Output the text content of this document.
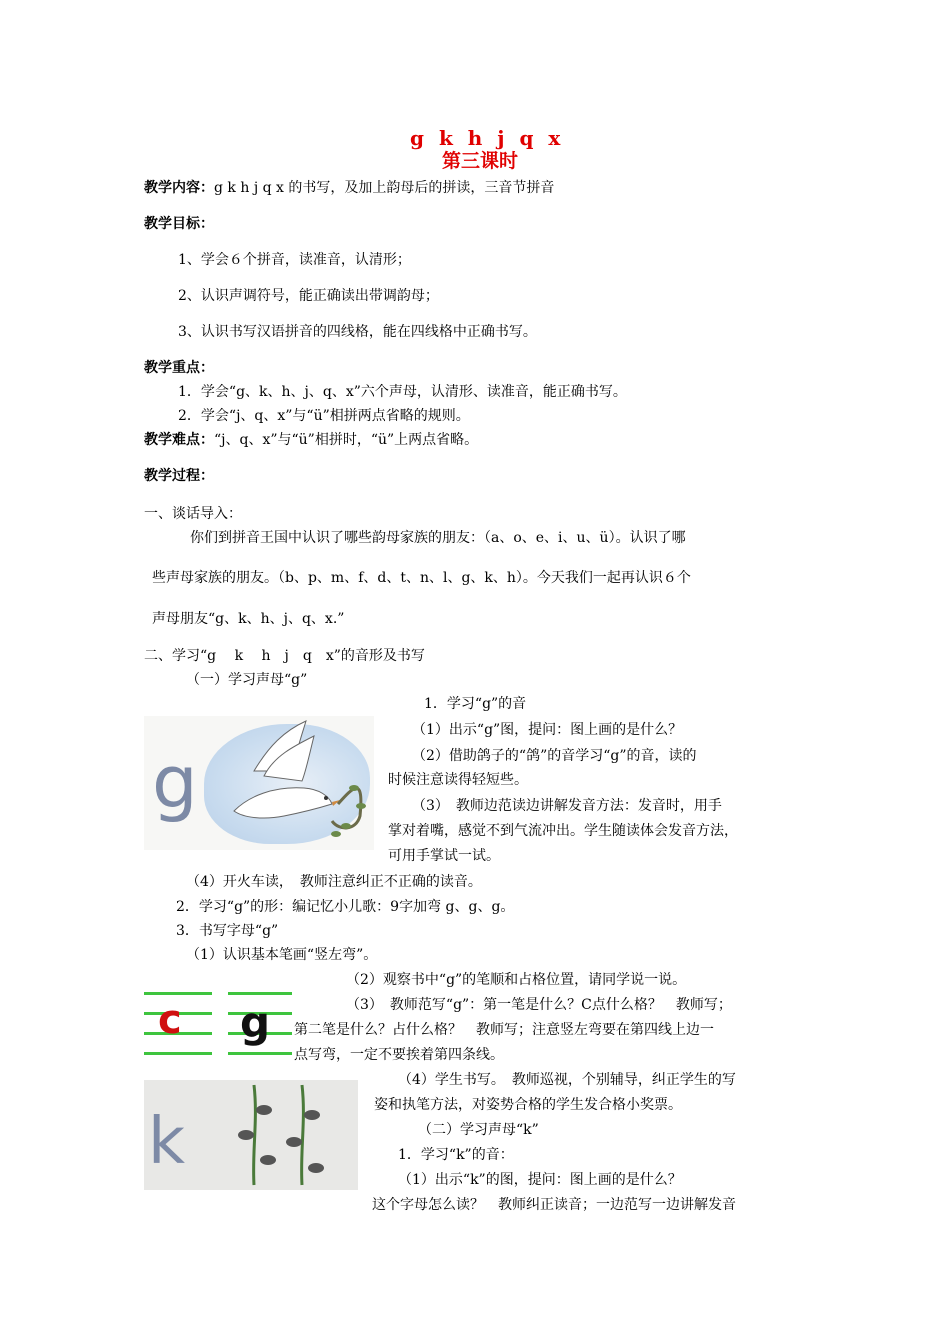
g k h j q x
第三课时
教学内容：g k h j q x 的书写，及加上韵母后的拼读，三音节拼音
教学目标：
1、学会６个拼音，读准音，认清形；
2、认识声调符号，能正确读出带调韵母；
3、认识书写汉语拼音的四线格，能在四线格中正确书写。
教学重点：
1．学会“g、k、h、j、q、x”六个声母，认清形、读准音，能正确书写。
2．学会“j、q、x”与“ü”相拼两点省略的规则。
教学难点：“j、q、x”与“ü”相拼时，“ü”上两点省略。
教学过程：
一、谈话导入：
你们到拼音王国中认识了哪些韵母家族的朋友：（a、o、e、i、u、ü）。认识了哪
些声母家族的朋友。（b、p、m、f、d、t、n、l、g、k、h）。今天我们一起再认识６个
声母朋友“g、k、h、j、q、x.”
二、学习“g　 k　 h　j　q　x”的音形及书写
（一）学习声母“g”
g
1．学习“g”的音
（1）出示“g”图，提问：图上画的是什么？
（2）借助鸽子的“鸽”的音学习“g”的音，读的
时候注意读得轻短些。
（3）　教师边范读边讲解发音方法：发音时，用手
掌对着嘴，感觉不到气流冲出。学生随读体会发音方法，
可用手掌试一试。
（4）开火车读，　教师注意纠正不正确的读音。
2．学习“g”的形：编记忆小儿歌：9字加弯 g、g、g。
3．书写字母“g”
（1）认识基本笔画“竖左弯”。
c g
（2）观察书中“g”的笔顺和占格位置，请同学说一说。
（3）　教师范写“g”：第一笔是什么？C点什么格？　教师写；
第二笔是什么？占什么格？　教师写；注意竖左弯要在第四线上边一
点写弯，一定不要挨着第四条线。
k
（4）学生书写。　教师巡视，个别辅导，纠正学生的写
姿和执笔方法，对姿势合格的学生发合格小奖票。
（二）学习声母“k”
1．学习“k”的音：
（1）出示“k”的图，提问：图上画的是什么？
这个字母怎么读？　教师纠正读音；一边范写一边讲解发音
